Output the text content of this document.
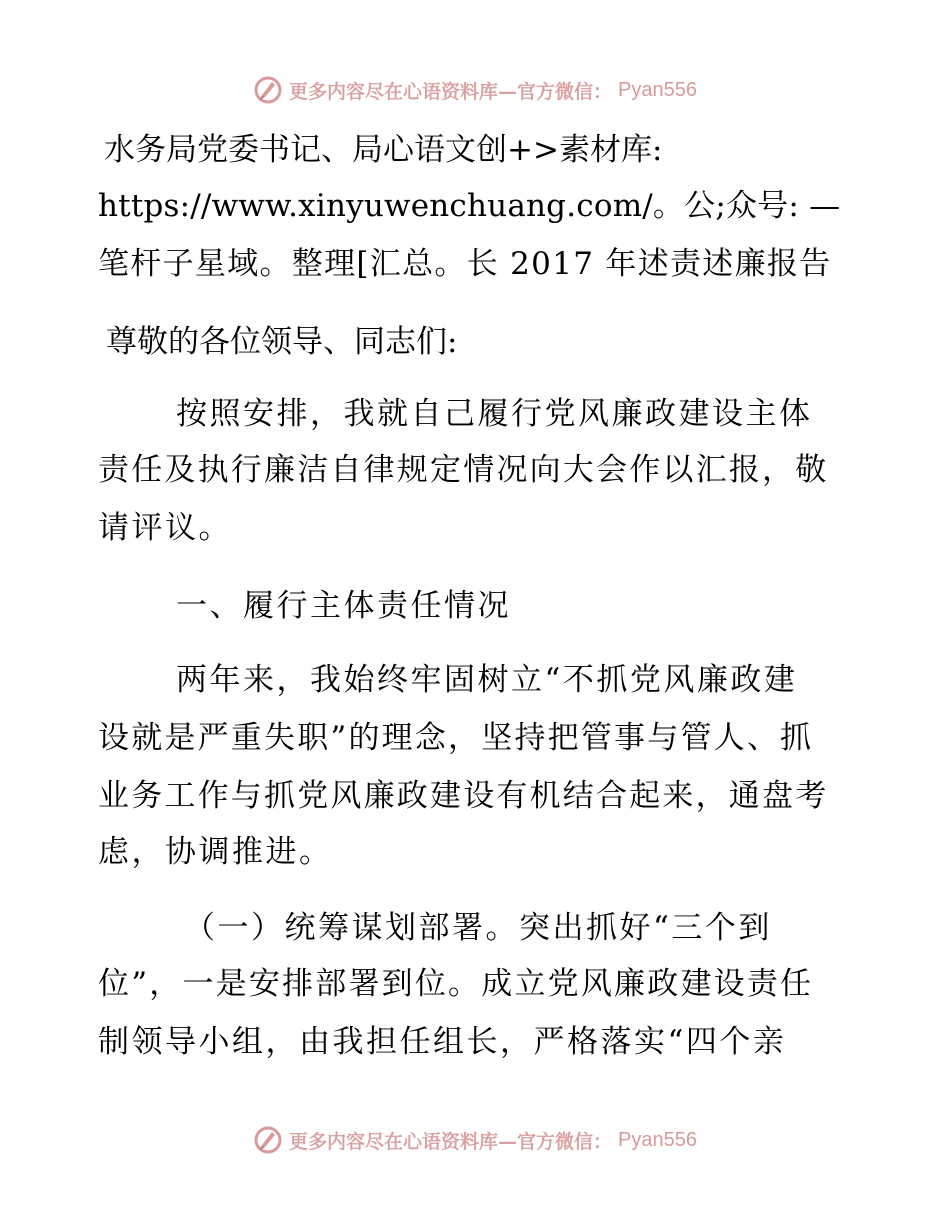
更多内容尽在心语资料库—官方微信： Pyan556

水务局党委书记、局心语文创+>素材库:

https://www.xinyuwenchuang.com/。公;众号: —

笔杆子星域。整理[汇总。长 2017 年述责述廉报告

尊敬的各位领导、同志们:

按照安排，我就自己履行党风廉政建设主体

责任及执行廉洁自律规定情况向大会作以汇报，敬

请评议。

一、履行主体责任情况

两年来，我始终牢固树立“不抓党风廉政建

设就是严重失职”的理念，坚持把管事与管人、抓

业务工作与抓党风廉政建设有机结合起来，通盘考

虑，协调推进。

（一）统筹谋划部署。突出抓好“三个到

位”，一是安排部署到位。成立党风廉政建设责任

制领导小组，由我担任组长，严格落实“四个亲

更多内容尽在心语资料库—官方微信： Pyan556
